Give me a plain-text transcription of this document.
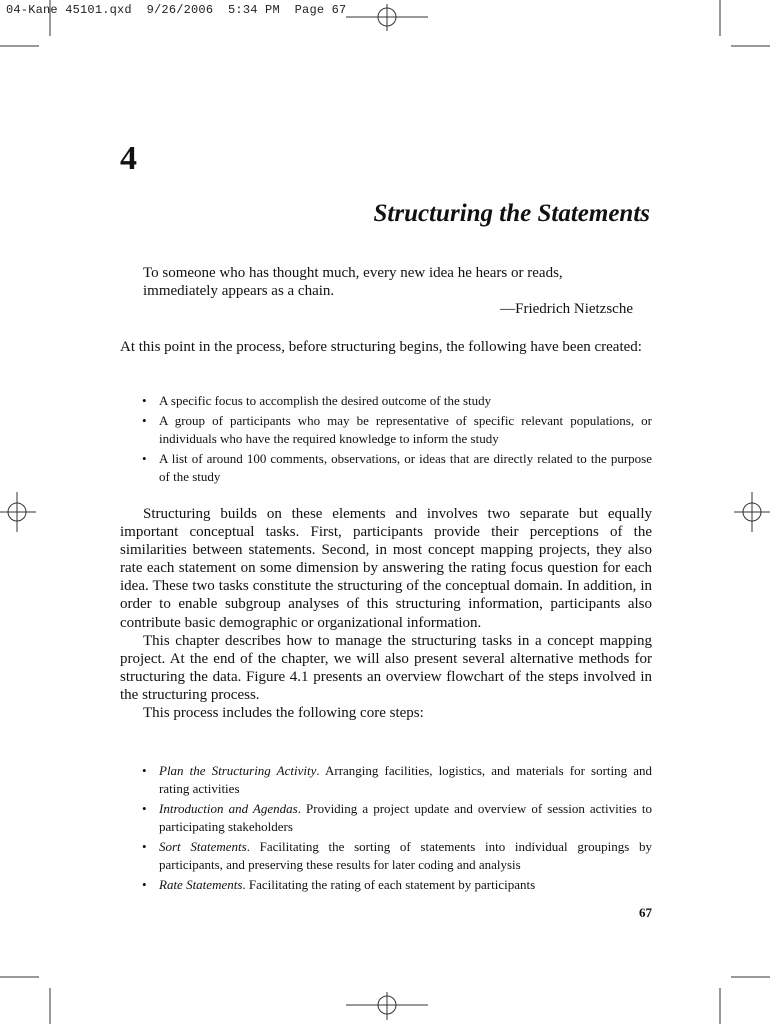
04-Kane 45101.qxd  9/26/2006  5:34 PM  Page 67
4
Structuring the Statements
To someone who has thought much, every new idea he hears or reads, immediately appears as a chain.
—Friedrich Nietzsche
At this point in the process, before structuring begins, the following have been created:
• A specific focus to accomplish the desired outcome of the study
• A group of participants who may be representative of specific relevant populations, or individuals who have the required knowledge to inform the study
• A list of around 100 comments, observations, or ideas that are directly related to the purpose of the study

Structuring builds on these elements and involves two separate but equally important conceptual tasks. First, participants provide their perceptions of the similarities between statements. Second, in most concept mapping projects, they also rate each statement on some dimension by answering the rating focus question for each idea. These two tasks constitute the structuring of the conceptual domain. In addition, in order to enable subgroup analyses of this structuring information, participants also contribute basic demographic or organizational information.

This chapter describes how to manage the structuring tasks in a concept mapping project. At the end of the chapter, we will also present several alternative methods for structuring the data. Figure 4.1 presents an overview flowchart of the steps involved in the structuring process.

This process includes the following core steps:

• Plan the Structuring Activity. Arranging facilities, logistics, and materials for sorting and rating activities
• Introduction and Agendas. Providing a project update and overview of session activities to participating stakeholders
• Sort Statements. Facilitating the sorting of statements into individual groupings by participants, and preserving these results for later coding and analysis
• Rate Statements. Facilitating the rating of each statement by participants
67
